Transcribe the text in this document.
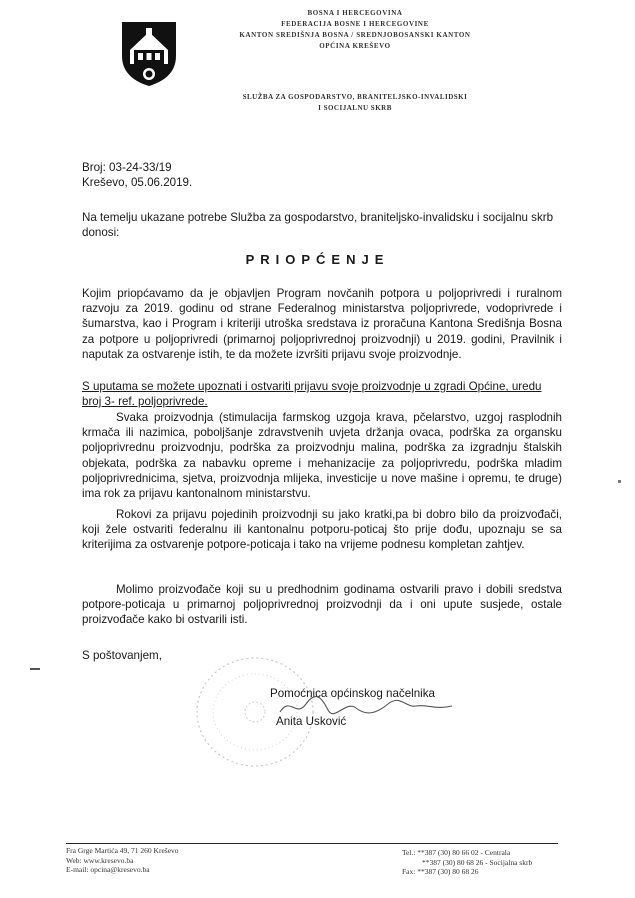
BOSNA I HERCEGOVINA
FEDERACIJA BOSNE I HERCEGOVINE
KANTON SREDIŠNJA BOSNA / SREDNJOBOSANSKI KANTON
OPĆINA KREŠEVO
SLUŽBA ZA GOSPODARSTVO, BRANITELJSKO-INVALIDSKI
I SOCIJALNU SKRB
Broj: 03-24-33/19
Kreševo, 05.06.2019.
Na temelju ukazane potrebe Služba za gospodarstvo, braniteljsko-invalidsku i socijalnu skrb donosi:
PRIOPĆENJE
Kojim priopćavamo da je objavljen Program novčanih potpora u poljoprivredi i ruralnom razvoju za 2019. godinu od strane Federalnog ministarstva poljoprivrede, vodoprivrede i šumarstva, kao i Program i kriteriji utroška sredstava iz proračuna Kantona Središnja Bosna za potpore u poljoprivredi (primarnoj poljoprivrednoj proizvodnji) u 2019. godini, Pravilnik i naputak za ostvarenje istih, te da možete izvršiti prijavu svoje proizvodnje.
S uputama se možete upoznati i ostvariti prijavu svoje proizvodnje u zgradi Općine, uredu broj 3- ref. poljoprivrede.
Svaka proizvodnja (stimulacija farmskog uzgoja krava, pčelarstvo, uzgoj rasplodnih krmača ili nazimica, poboljšanje zdravstvenih uvjeta držanja ovaca, podrška za organsku poljoprivrednu proizvodnju, podrška za proizvodnju malina, podrška za izgradnju štalskih objekata, podrška za nabavku opreme i mehanizacije za poljoprivredu, podrška mladim poljoprivrednicima, sjetva, proizvodnja mlijeka, investicije u nove mašine i opremu, te druge) ima rok za prijavu kantonalnom ministarstvu.
Rokovi za prijavu pojedinih proizvodnji su jako kratki,pa bi dobro bilo da proizvođači, koji žele ostvariti federalnu ili kantonalnu potporu-poticaj što prije dođu, upoznaju se sa kriterijima za ostvarenje potpore-poticaja i tako na vrijeme podnesu kompletan zahtjev.
Molimo proizvođače koji su u predhodnim godinama ostvarili pravo i dobili sredstva potpore-poticaja u primarnoj poljoprivrednoj proizvodnji da i oni upute susjede, ostale proizvođače kako bi ostvarili isti.
S poštovanjem,
Pomoćnica općinskog načelnika
Anita Usković
Fra Grge Martića 49, 71 260 Kreševo
Web: www.kresevo.ba
E-mail: opcina@kresevo.ba
Tel.: **387 (30) 80 66 02 - Centrala
**387 (30) 80 68 26 - Socijalna skrb
Fax: **387 (30) 80 68 26
